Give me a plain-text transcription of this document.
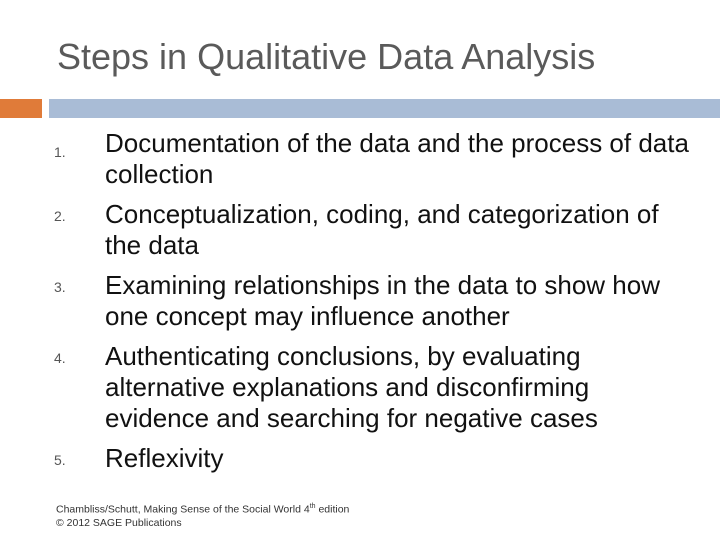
Steps in Qualitative Data Analysis
1. Documentation of the data and the process of data collection
2. Conceptualization, coding, and categorization of the data
3. Examining relationships in the data to show how one concept may influence another
4. Authenticating conclusions, by evaluating alternative explanations and disconfirming evidence and searching for negative cases
5. Reflexivity
Chambliss/Schutt, Making Sense of the Social World 4th edition
© 2012 SAGE Publications
